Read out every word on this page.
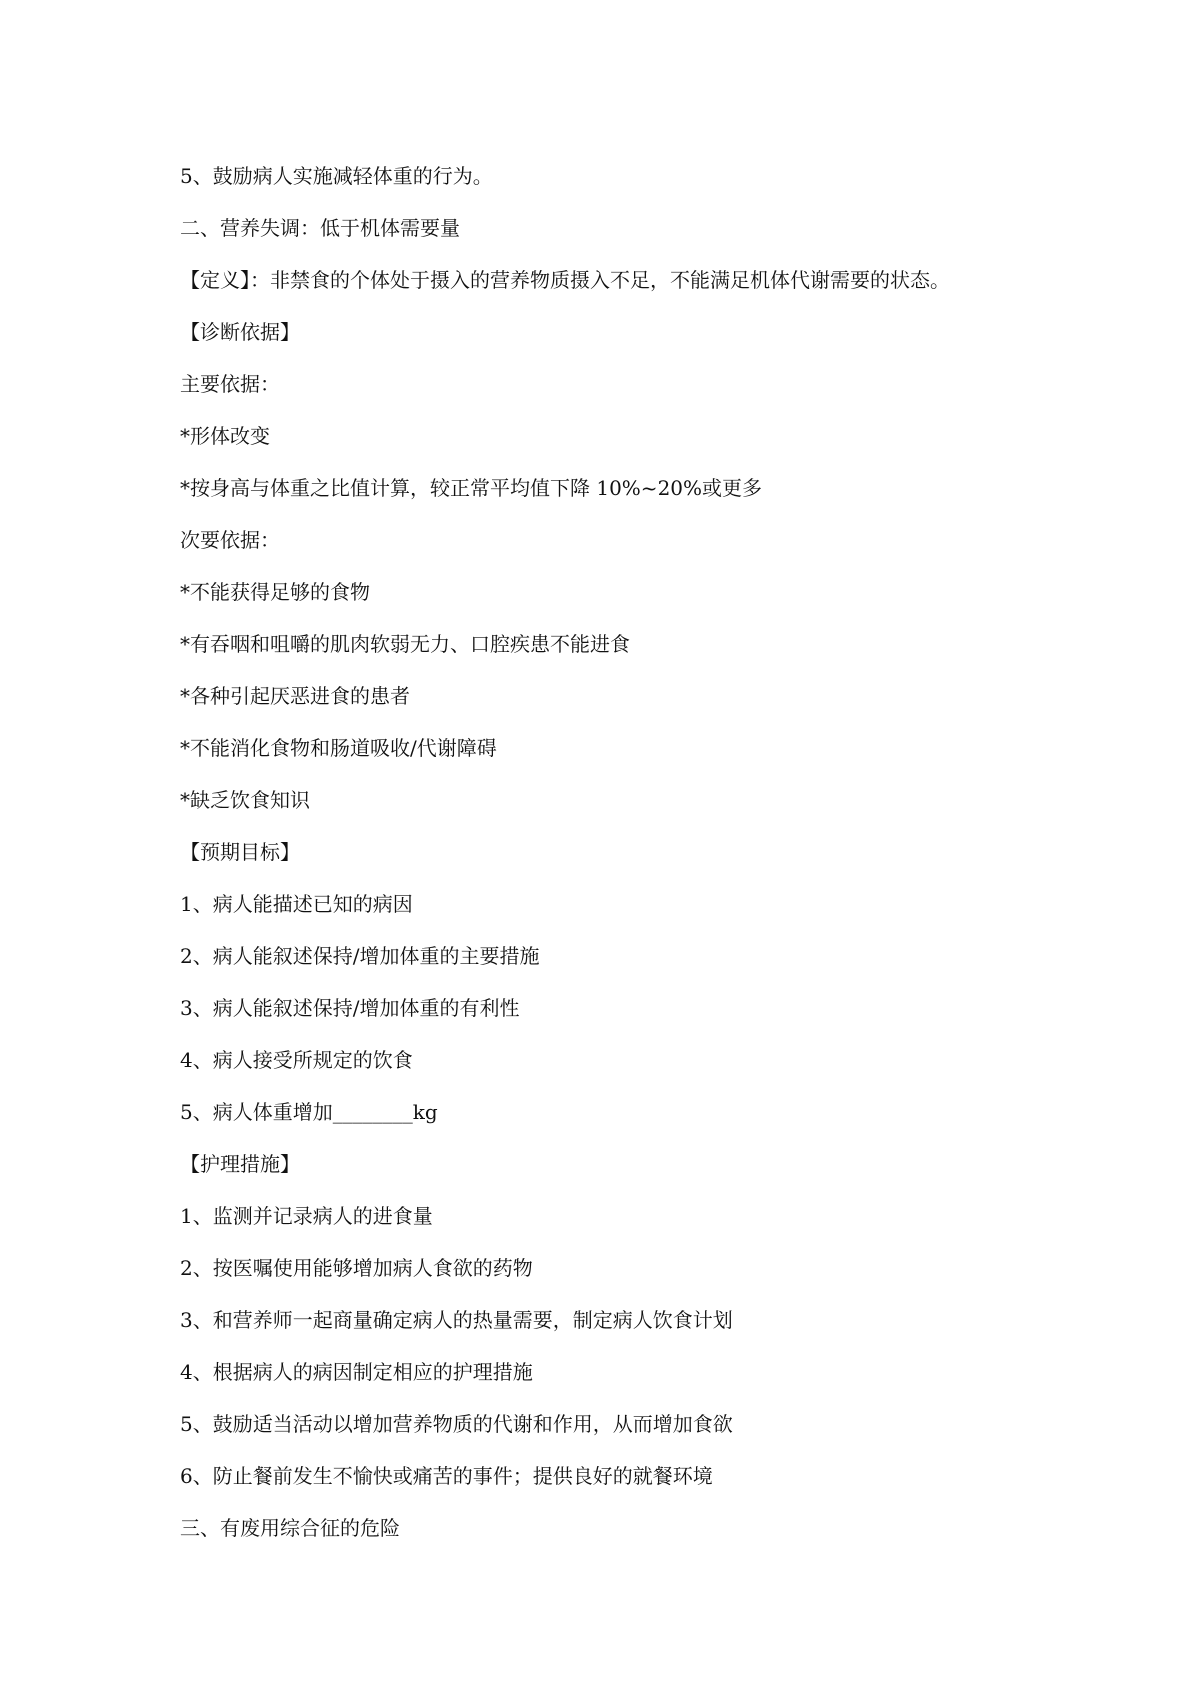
5、鼓励病人实施减轻体重的行为。
二、营养失调：低于机体需要量
【定义】：非禁食的个体处于摄入的营养物质摄入不足，不能满足机体代谢需要的状态。
【诊断依据】
主要依据：
*形体改变
*按身高与体重之比值计算，较正常平均值下降 10%~20%或更多
次要依据：
*不能获得足够的食物
*有吞咽和咀嚼的肌肉软弱无力、口腔疾患不能进食
*各种引起厌恶进食的患者
*不能消化食物和肠道吸收/代谢障碍
*缺乏饮食知识
【预期目标】
1、病人能描述已知的病因
2、病人能叙述保持/增加体重的主要措施
3、病人能叙述保持/增加体重的有利性
4、病人接受所规定的饮食
5、病人体重增加________kg
【护理措施】
1、监测并记录病人的进食量
2、按医嘱使用能够增加病人食欲的药物
3、和营养师一起商量确定病人的热量需要，制定病人饮食计划
4、根据病人的病因制定相应的护理措施
5、鼓励适当活动以增加营养物质的代谢和作用，从而增加食欲
6、防止餐前发生不愉快或痛苦的事件；提供良好的就餐环境
三、有废用综合征的危险
